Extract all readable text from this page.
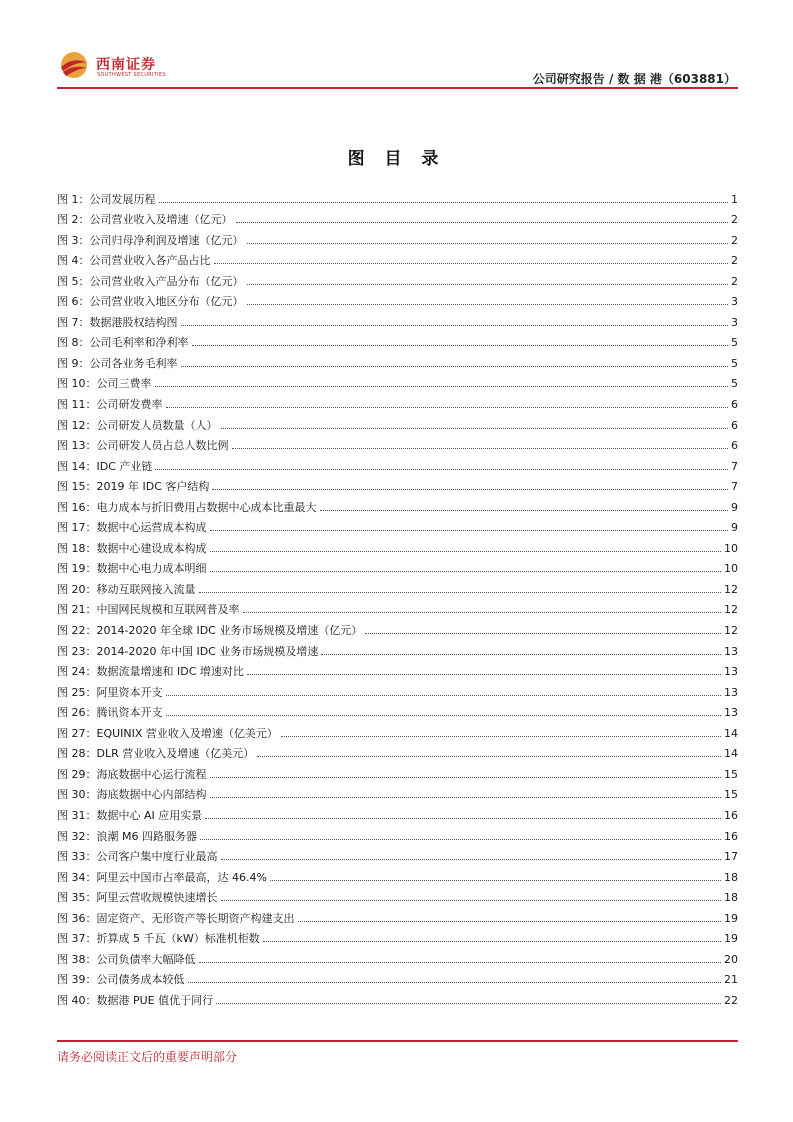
西南证券
SOUTHWEST SECURITIES	公司研究报告 / 数 据 港（603881）
图 目 录
图 1：公司发展历程	1
图 2：公司营业收入及增速（亿元）	2
图 3：公司归母净利润及增速（亿元）	2
图 4：公司营业收入各产品占比	2
图 5：公司营业收入产品分布（亿元）	2
图 6：公司营业收入地区分布（亿元）	3
图 7：数据港股权结构图	3
图 8：公司毛利率和净利率	5
图 9：公司各业务毛利率	5
图 10：公司三费率	5
图 11：公司研发费率	6
图 12：公司研发人员数量（人）	6
图 13：公司研发人员占总人数比例	6
图 14：IDC 产业链	7
图 15：2019 年 IDC 客户结构	7
图 16：电力成本与折旧费用占数据中心成本比重最大	9
图 17：数据中心运营成本构成	9
图 18：数据中心建设成本构成	10
图 19：数据中心电力成本明细	10
图 20：移动互联网接入流量	12
图 21：中国网民规模和互联网普及率	12
图 22：2014-2020 年全球 IDC 业务市场规模及增速（亿元）	12
图 23：2014-2020 年中国 IDC 业务市场规模及增速	13
图 24：数据流量增速和 IDC 增速对比	13
图 25：阿里资本开支	13
图 26：腾讯资本开支	13
图 27：EQUINIX 营业收入及增速（亿美元）	14
图 28：DLR 营业收入及增速（亿美元）	14
图 29：海底数据中心运行流程	15
图 30：海底数据中心内部结构	15
图 31：数据中心 AI 应用实景	16
图 32：浪潮 M6 四路服务器	16
图 33：公司客户集中度行业最高	17
图 34：阿里云中国市占率最高，达 46.4%	18
图 35：阿里云营收规模快速增长	18
图 36：固定资产、无形资产等长期资产构建支出	19
图 37：折算成 5 千瓦（kW）标准机柜数	19
图 38：公司负债率大幅降低	20
图 39：公司债务成本较低	21
图 40：数据港 PUE 值优于同行	22
请务必阅读正文后的重要声明部分
